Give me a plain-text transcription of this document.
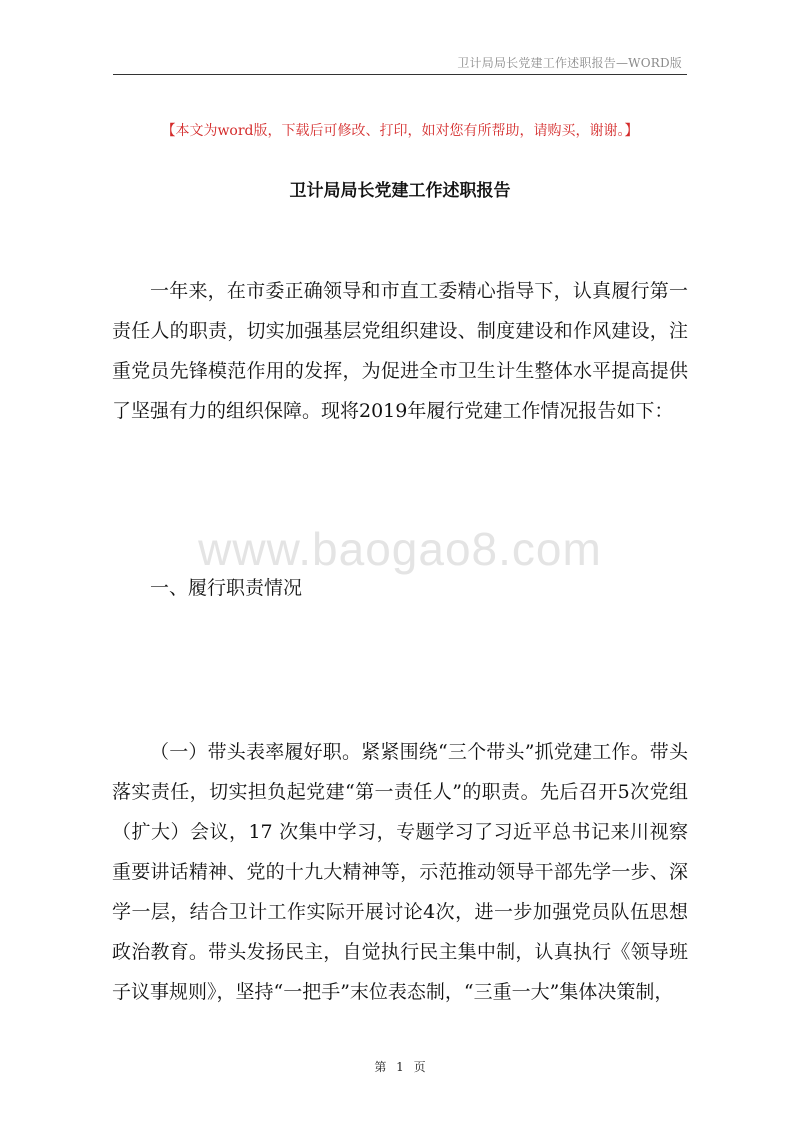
卫计局局长党建工作述职报告—WORD版
【本文为word版，下载后可修改、打印，如对您有所帮助，请购买，谢谢。】
卫计局局长党建工作述职报告

一年来，在市委正确领导和市直工委精心指导下，认真履行第一责任人的职责，切实加强基层党组织建设、制度建设和作风建设，注重党员先锋模范作用的发挥，为促进全市卫生计生整体水平提高提供了坚强有力的组织保障。现将2019年履行党建工作情况报告如下：

www.baogao8.com

一、履行职责情况

（一）带头表率履好职。紧紧围绕“三个带头”抓党建工作。带头落实责任，切实担负起党建“第一责任人”的职责。先后召开5次党组（扩大）会议，17 次集中学习，专题学习了习近平总书记来川视察重要讲话精神、党的十九大精神等，示范推动领导干部先学一步、深学一层，结合卫计工作实际开展讨论4次，进一步加强党员队伍思想政治教育。带头发扬民主，自觉执行民主集中制，认真执行《领导班子议事规则》，坚持“一把手”末位表态制，“三重一大”集体决策制，

第 1 页
